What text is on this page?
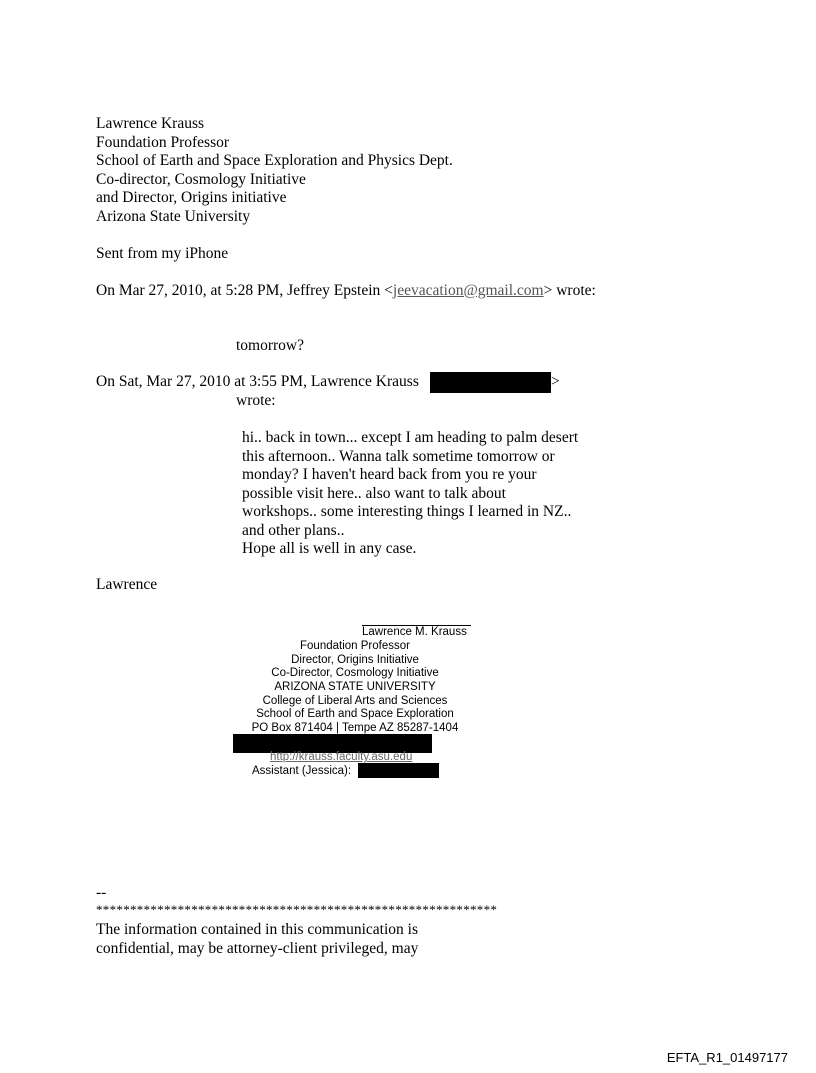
Lawrence Krauss
Foundation Professor
School of Earth and Space Exploration and Physics Dept.
Co-director, Cosmology Initiative
and Director, Origins initiative
Arizona State University
Sent from my iPhone
On Mar 27, 2010, at 5:28 PM, Jeffrey Epstein <jeevacation@gmail.com> wrote:
tomorrow?
On Sat, Mar 27, 2010 at 3:55 PM, Lawrence Krauss	>
wrote:
hi.. back in town... except I am heading to palm desert
this afternoon.. Wanna talk sometime tomorrow or
monday? I haven't heard back from you re your
possible visit here.. also want to talk about
workshops.. some interesting things I learned in NZ..
and other plans..
Hope all is well in any case.
Lawrence
Lawrence M. Krauss
Foundation Professor
Director, Origins Initiative
Co-Director, Cosmology Initiative
ARIZONA STATE UNIVERSITY
College of Liberal Arts and Sciences
School of Earth and Space Exploration
PO Box 871404 | Tempe AZ 85287-1404
http://krauss.faculty.asu.edu
Assistant (Jessica):
--
***********************************************************
The information contained in this communication is
confidential, may be attorney-client privileged, may
EFTA_R1_01497177
